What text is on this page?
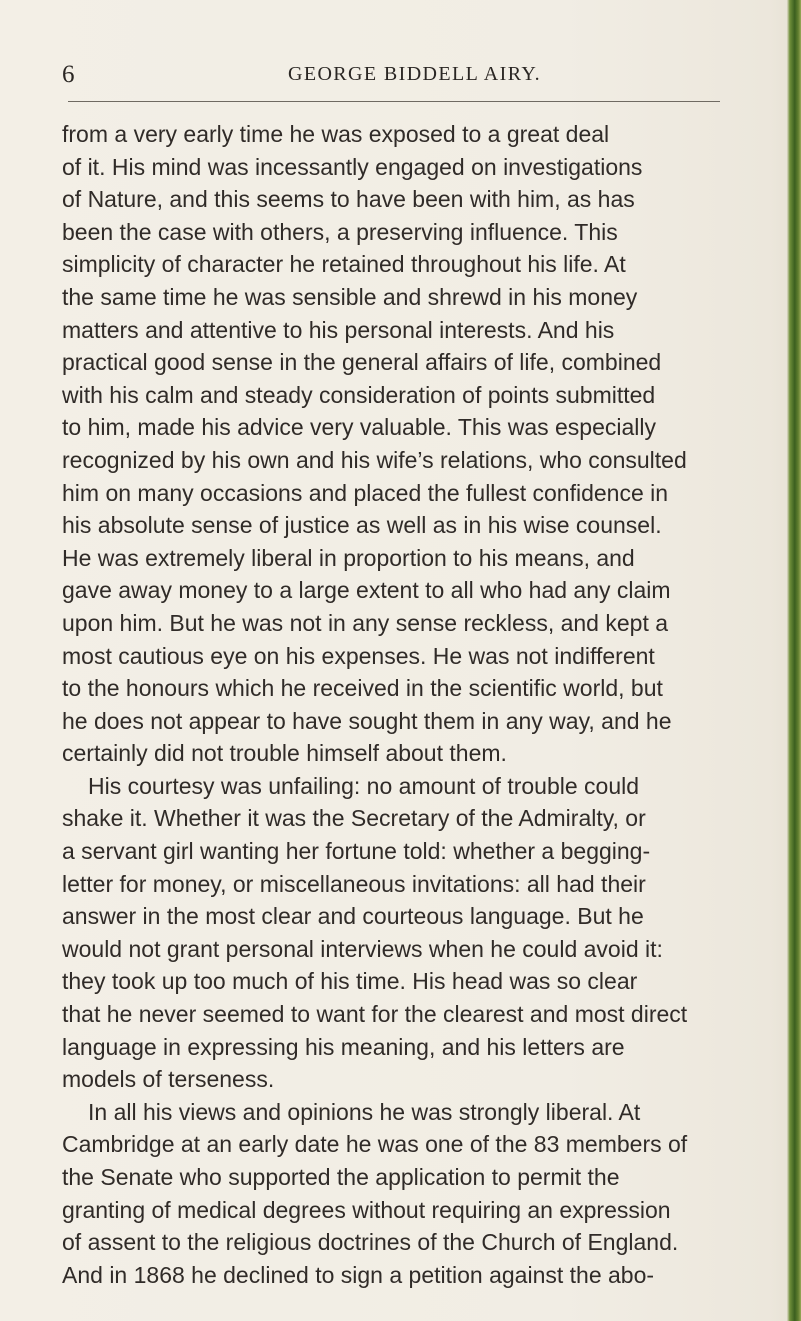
6	GEORGE BIDDELL AIRY.
from a very early time he was exposed to a great deal
of it. His mind was incessantly engaged on investigations
of Nature, and this seems to have been with him, as has
been the case with others, a preserving influence. This
simplicity of character he retained throughout his life. At
the same time he was sensible and shrewd in his money
matters and attentive to his personal interests. And his
practical good sense in the general affairs of life, combined
with his calm and steady consideration of points submitted
to him, made his advice very valuable. This was especially
recognized by his own and his wife’s relations, who consulted
him on many occasions and placed the fullest confidence in
his absolute sense of justice as well as in his wise counsel.
He was extremely liberal in proportion to his means, and
gave away money to a large extent to all who had any claim
upon him. But he was not in any sense reckless, and kept a
most cautious eye on his expenses. He was not indifferent
to the honours which he received in the scientific world, but
he does not appear to have sought them in any way, and he
certainly did not trouble himself about them.
His courtesy was unfailing: no amount of trouble could
shake it. Whether it was the Secretary of the Admiralty, or
a servant girl wanting her fortune told: whether a begging-
letter for money, or miscellaneous invitations: all had their
answer in the most clear and courteous language. But he
would not grant personal interviews when he could avoid it:
they took up too much of his time. His head was so clear
that he never seemed to want for the clearest and most direct
language in expressing his meaning, and his letters are
models of terseness.
In all his views and opinions he was strongly liberal. At
Cambridge at an early date he was one of the 83 members of
the Senate who supported the application to permit the
granting of medical degrees without requiring an expression
of assent to the religious doctrines of the Church of England.
And in 1868 he declined to sign a petition against the abo-
